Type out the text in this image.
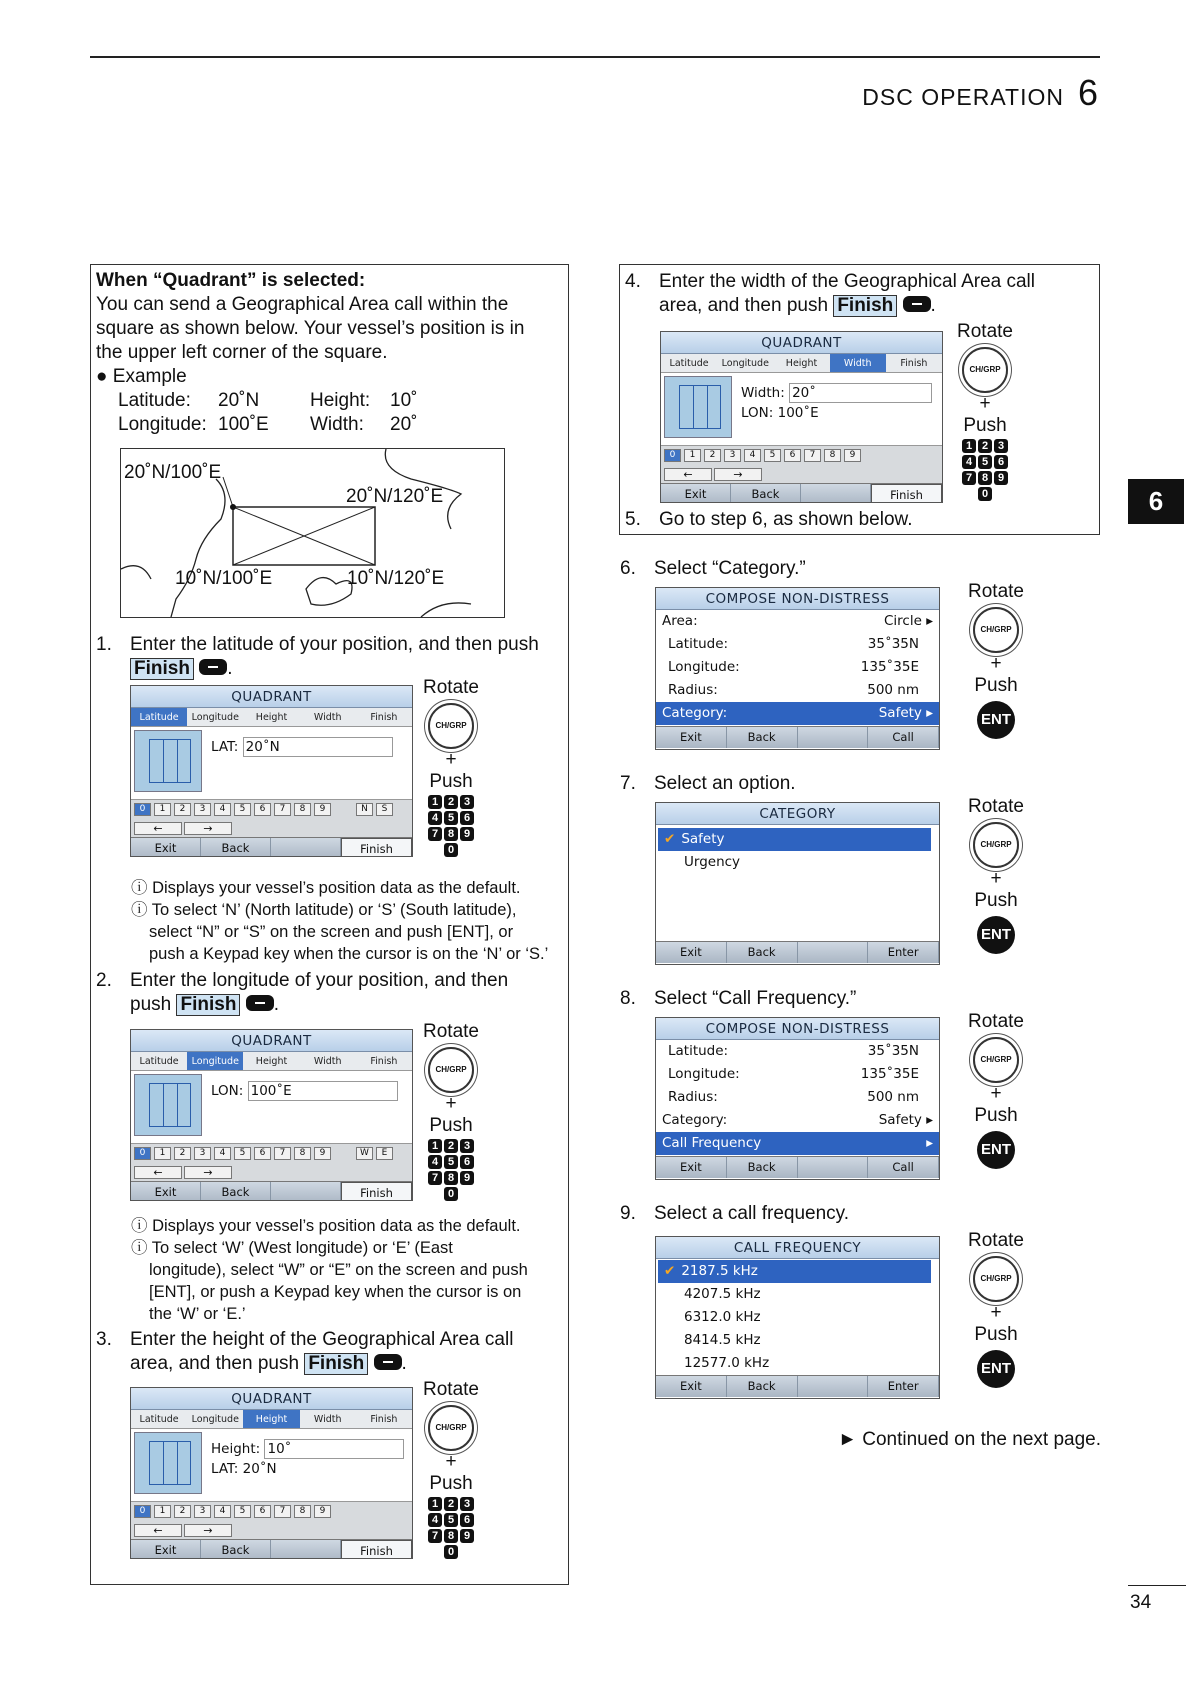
DSC OPERATION 6
6
34
When “Quadrant” is selected:
You can send a Geographical Area call within the
square as shown below. Your vessel’s position is in
the upper left corner of the square.
● Example
Latitude:	20˚N	Height:	10˚
Longitude: 100˚E	Width:	20˚
20˚N/100˚E
20˚N/120˚E
10˚N/100˚E	10˚N/120˚E
1. Enter the latitude of your position, and then push
Finish .
QUADRANT
Latitude	Longitude	Height	Width	Finish
LAT: 20˚N
0	1	2	3	4	5	6	7	8	9	N	S
←	→
Exit	Back	Finish
Rotate
CH/GRP
+
Push
1 2 3
4 5 6
7 8 9
0
ⓘ Displays your vessel’s position data as the default.
ⓘ To select ‘N’ (North latitude) or ‘S’ (South latitude),
select “N” or “S” on the screen and push [ENT], or
push a Keypad key when the cursor is on the ‘N’ or ‘S.’
2. Enter the longitude of your position, and then
push Finish .
QUADRANT
Latitude	Longitude	Height	Width	Finish
LON: 100˚E
0	1	2	3	4	5	6	7	8	9	W	E
←	→
Exit	Back	Finish
Rotate
CH/GRP
+
Push
1 2 3
4 5 6
7 8 9
0
ⓘ Displays your vessel’s position data as the default.
ⓘ To select ‘W’ (West longitude) or ‘E’ (East
longitude), select “W” or “E” on the screen and push
[ENT], or push a Keypad key when the cursor is on
the ‘W’ or ‘E.’
3. Enter the height of the Geographical Area call
area, and then push Finish .
QUADRANT
Latitude	Longitude	Height	Width	Finish
Height: 10˚
LAT: 20˚N
0	1	2	3	4	5	6	7	8	9
←	→
Exit	Back	Finish
Rotate
CH/GRP
+
Push
1 2 3
4 5 6
7 8 9
0
4. Enter the width of the Geographical Area call
area, and then push Finish .
QUADRANT
Latitude	Longitude	Height	Width	Finish
Width: 20˚
LON: 100˚E
0	1	2	3	4	5	6	7	8	9
←	→
Exit	Back	Finish
Rotate
CH/GRP
+
Push
1 2 3
4 5 6
7 8 9
0
5. Go to step 6, as shown below.
6. Select “Category.”
COMPOSE NON-DISTRESS
Area:	Circle ▸
Latitude:	35˚35N
Longitude:	135˚35E
Radius:	500 nm
Category:	Safety ▸
Exit	Back	Call
Rotate
CH/GRP
+
Push
ENT
7. Select an option.
CATEGORY
✔ Safety
Urgency
Exit	Back	Enter
Rotate
CH/GRP
+
Push
ENT
8. Select “Call Frequency.”
COMPOSE NON-DISTRESS
Latitude:	35˚35N
Longitude:	135˚35E
Radius:	500 nm
Category:	Safety ▸
Call Frequency	▸
Exit	Back	Call
Rotate
CH/GRP
+
Push
ENT
9. Select a call frequency.
CALL FREQUENCY
✔ 2187.5 kHz
4207.5 kHz
6312.0 kHz
8414.5 kHz
12577.0 kHz
Exit	Back	Enter
Rotate
CH/GRP
+
Push
ENT
► Continued on the next page.
